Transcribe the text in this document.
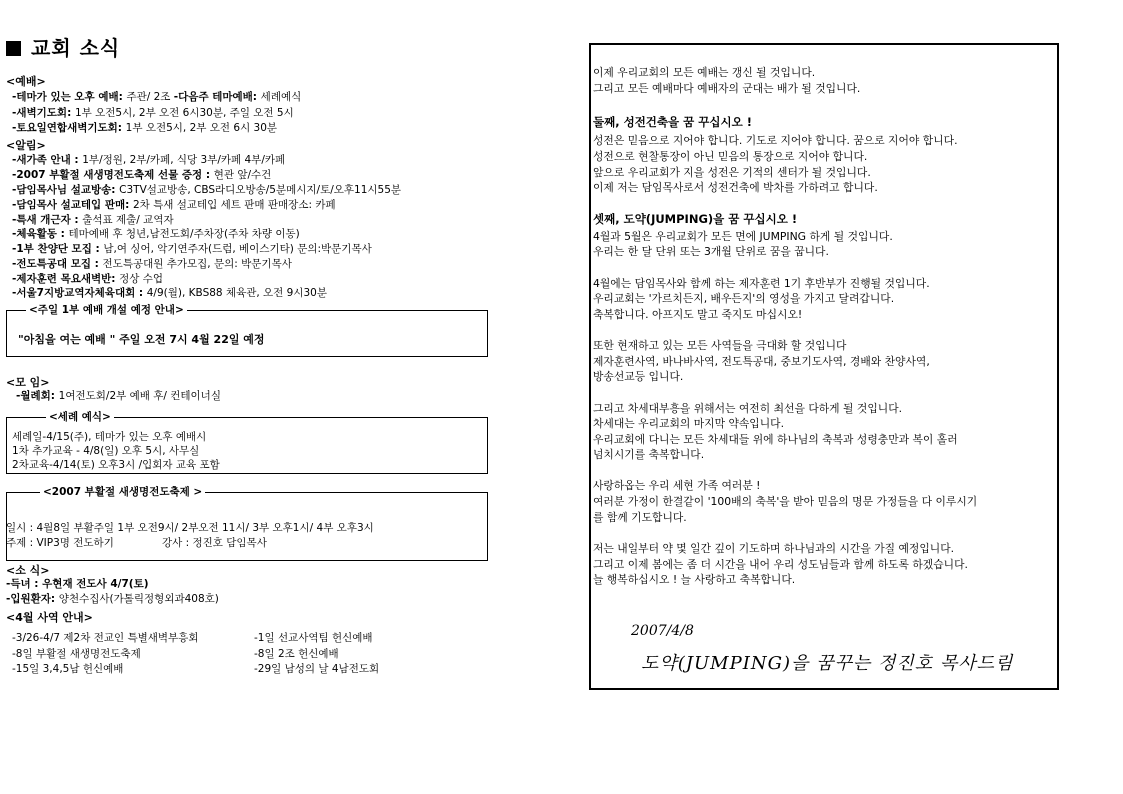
교회 소식
<예배>
-테마가 있는 오후 예배: 주관/ 2조 -다음주 테마예배: 세례예식
-새벽기도회: 1부 오전5시, 2부 오전 6시30분, 주일 오전 5시
-토요일연합새벽기도회: 1부 오전5시, 2부 오전 6시 30분
<알림>
-새가족 안내 : 1부/정원, 2부/카페, 식당 3부/카페 4부/카페
-2007 부활절 새생명전도축제 선물 증정 : 현관 앞/수건
-담임목사님 설교방송: C3TV설교방송, CBS라디오방송/5분메시지/토/오후11시55분
-담임목사 설교테입 판매: 2차 특새 설교테입 세트 판매 판매장소: 카페
-특새 개근자 : 출석표 제출/ 교역자
-체육활동 : 테마예배 후 청년,남전도회/주차장(주차 차량 이동)
-1부 찬양단 모집 : 남,여 싱어, 악기연주자(드럼, 베이스기타) 문의:박문기목사
-전도특공대 모집 : 전도특공대원 추가모집, 문의: 박문기목사
-제자훈련 목요새벽반: 정상 수업
-서울7지방교역자체육대회 : 4/9(월), KBS88 체육관, 오전 9시30분
<주일 1부 예배 개설 예정 안내>
"아침을 여는 예배 " 주일 오전 7시 4월 22일 예정
<모 임>
-월례회: 1여전도회/2부 예배 후/ 컨테이너실
<세례 예식>
세례일-4/15(주), 테마가 있는 오후 예배시
1차 추가교육 - 4/8(일) 오후 5시, 사무실
2차교육-4/14(토) 오후3시 /입회자 교육 포함
<2007 부활절 새생명전도축제 >
일시 : 4월8일 부활주일 1부 오전9시/ 2부오전 11시/ 3부 오후1시/ 4부 오후3시
주제 : VIP3명 전도하기	강사 : 정진호 담임목사
<소 식>
-득녀 : 우현재 전도사 4/7(토)
-입원환자: 양천수집사(가톨릭정형외과408호)
<4월 사역 안내>
-3/26-4/7 제2차 전교인 특별새벽부흥회	-1일 선교사역팀 헌신예배
-8일 부활절 새생명전도축제	-8일 2조 헌신예배
-15일 3,4,5남 헌신예배	-29일 남성의 날 4남전도회
이제 우리교회의 모든 예배는 갱신 될 것입니다.
그리고 모든 예배마다 예배자의 군대는 배가 될 것입니다.
둘째, 성전건축을 꿈 꾸십시오 !
성전은 믿음으로 지어야 합니다. 기도로 지어야 합니다. 꿈으로 지어야 합니다.
성전으로 현찰통장이 아닌 믿음의 통장으로 지어야 합니다.
앞으로 우리교회가 지을 성전은 기적의 센터가 될 것입니다.
이제 저는 담임목사로서 성전건축에 박차를 가하려고 합니다.
셋째, 도약(JUMPING)을 꿈 꾸십시오 !
4월과 5월은 우리교회가 모든 면에 JUMPING 하게 될 것입니다.
우리는 한 달 단위 또는 3개월 단위로 꿈을 꿉니다.
4월에는 담임목사와 함께 하는 제자훈련 1기 후반부가 진행될 것입니다.
우리교회는 '가르치든지, 배우든지'의 영성을 가지고 달려갑니다.
축복합니다. 아프지도 말고 죽지도 마십시오!
또한 현재하고 있는 모든 사역들을 극대화 할 것입니다
제자훈련사역, 바나바사역, 전도특공대, 중보기도사역, 경배와 찬양사역,
방송선교등 입니다.
그리고 차세대부흥을 위해서는 여전히 최선을 다하게 될 것입니다.
차세대는 우리교회의 마지막 약속입니다.
우리교회에 다니는 모든 차세대들 위에 하나님의 축복과 성령충만과 복이 홀러
넘치시기를 축복합니다.
사랑하옵는 우리 세현 가족 여러분 !
여러분 가정이 한결같이 '100배의 축복'을 받아 믿음의 명문 가정들을 다 이루시기
를 함께 기도합니다.
저는 내일부터 약 몇 일간 깊이 기도하며 하나님과의 시간을 가질 예정입니다.
그리고 이제 봄에는 좀 더 시간을 내어 우리 성도님들과 함께 하도록 하겠습니다.
늘 행복하십시오 ! 늘 사랑하고 축복합니다.
2007/4/8
도약(JUMPING)을 꿈꾸는 정진호 목사드림
